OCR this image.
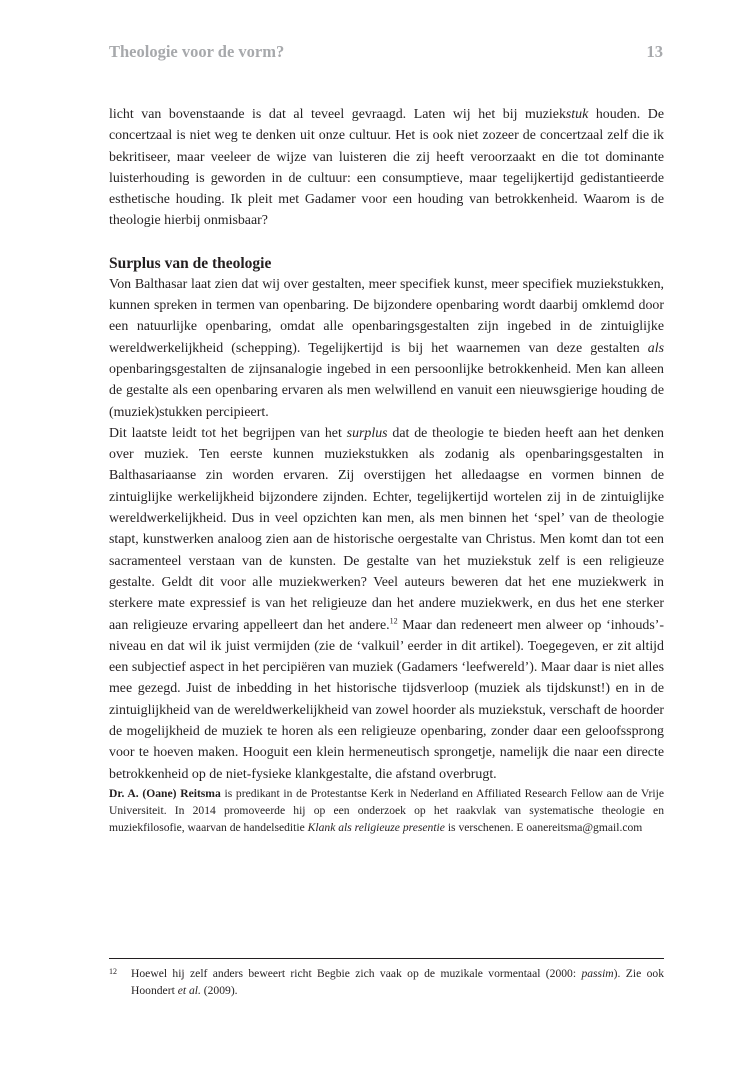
Theologie voor de vorm?	13

licht van bovenstaande is dat al teveel gevraagd. Laten wij het bij muziekstuk houden. De concertzaal is niet weg te denken uit onze cultuur. Het is ook niet zozeer de concertzaal zelf die ik bekritiseer, maar veeleer de wijze van luisteren die zij heeft veroorzaakt en die tot dominante luisterhouding is geworden in de cultuur: een consumptieve, maar tegelijkertijd gedistantieerde esthetische houding. Ik pleit met Gadamer voor een houding van betrokkenheid. Waarom is de theologie hierbij onmisbaar?

Surplus van de theologie

Von Balthasar laat zien dat wij over gestalten, meer specifiek kunst, meer specifiek muziekstukken, kunnen spreken in termen van openbaring. De bijzondere openbaring wordt daarbij omklemd door een natuurlijke openbaring, omdat alle openbaringsgestalten zijn ingebed in de zintuiglijke wereldwerkelijkheid (schepping). Tegelijkertijd is bij het waarnemen van deze gestalten als openbaringsgestalten de zijnsanalogie ingebed in een persoonlijke betrokkenheid. Men kan alleen de gestalte als een openbaring ervaren als men welwillend en vanuit een nieuwsgierige houding de (muziek)stukken percipieert.

Dit laatste leidt tot het begrijpen van het surplus dat de theologie te bieden heeft aan het denken over muziek. Ten eerste kunnen muziekstukken als zodanig als openbaringsgestalten in Balthasariaanse zin worden ervaren. Zij overstijgen het alledaagse en vormen binnen de zintuiglijke werkelijkheid bijzondere zijnden. Echter, tegelijkertijd wortelen zij in de zintuiglijke wereldwerkelijkheid. Dus in veel opzichten kan men, als men binnen het ‘spel’ van de theologie stapt, kunstwerken analoog zien aan de historische oergestalte van Christus. Men komt dan tot een sacramenteel verstaan van de kunsten. De gestalte van het muziekstuk zelf is een religieuze gestalte. Geldt dit voor alle muziekwerken? Veel auteurs beweren dat het ene muziekwerk in sterkere mate expressief is van het religieuze dan het andere muziekwerk, en dus het ene sterker aan religieuze ervaring appelleert dan het andere.$^{12}$ Maar dan redeneert men alweer op ‘inhouds’-niveau en dat wil ik juist vermijden (zie de ‘valkuil’ eerder in dit artikel). Toegegeven, er zit altijd een subjectief aspect in het percipiëren van muziek (Gadamers ‘leefwereld’). Maar daar is niet alles mee gezegd. Juist de inbedding in het historische tijdsverloop (muziek als tijdskunst!) en in de zintuiglijkheid van de wereldwerkelijkheid van zowel hoorder als muziekstuk, verschaft de hoorder de mogelijkheid de muziek te horen als een religieuze openbaring, zonder daar een geloofssprong voor te hoeven maken. Hooguit een klein hermeneutisch sprongetje, namelijk die naar een directe betrokkenheid op de niet-fysieke klankgestalte, die afstand overbrugt.

Dr. A. (Oane) Reitsma is predikant in de Protestantse Kerk in Nederland en Affiliated Research Fellow aan de Vrije Universiteit. In 2014 promoveerde hij op een onderzoek op het raakvlak van systematische theologie en muziekfilosofie, waarvan de handelseditie Klank als religieuze presentie is verschenen. E oanereitsma@gmail.com

12	Hoewel hij zelf anders beweert richt Begbie zich vaak op de muzikale vormentaal (2000: passim). Zie ook Hoondert et al. (2009).
